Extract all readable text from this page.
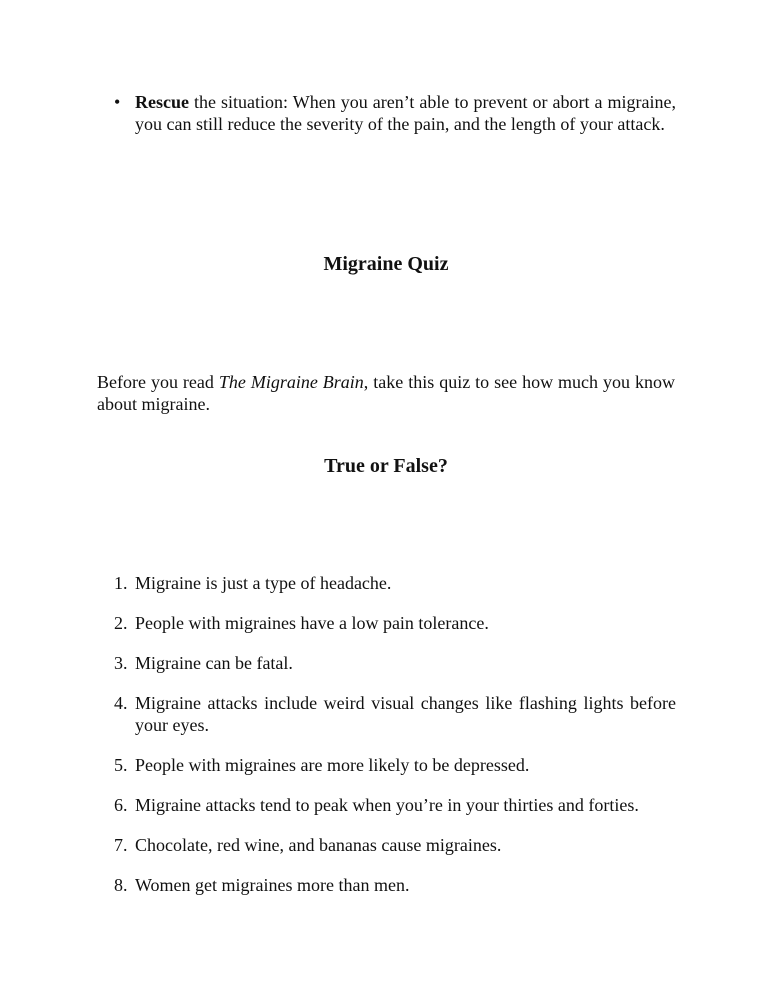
• Rescue the situation: When you aren’t able to prevent or abort a migraine, you can still reduce the severity of the pain, and the length of your attack.
Migraine Quiz
Before you read The Migraine Brain, take this quiz to see how much you know about migraine.
True or False?
1. Migraine is just a type of headache.
2. People with migraines have a low pain tolerance.
3. Migraine can be fatal.
4. Migraine attacks include weird visual changes like flashing lights before your eyes.
5. People with migraines are more likely to be depressed.
6. Migraine attacks tend to peak when you’re in your thirties and forties.
7. Chocolate, red wine, and bananas cause migraines.
8. Women get migraines more than men.
